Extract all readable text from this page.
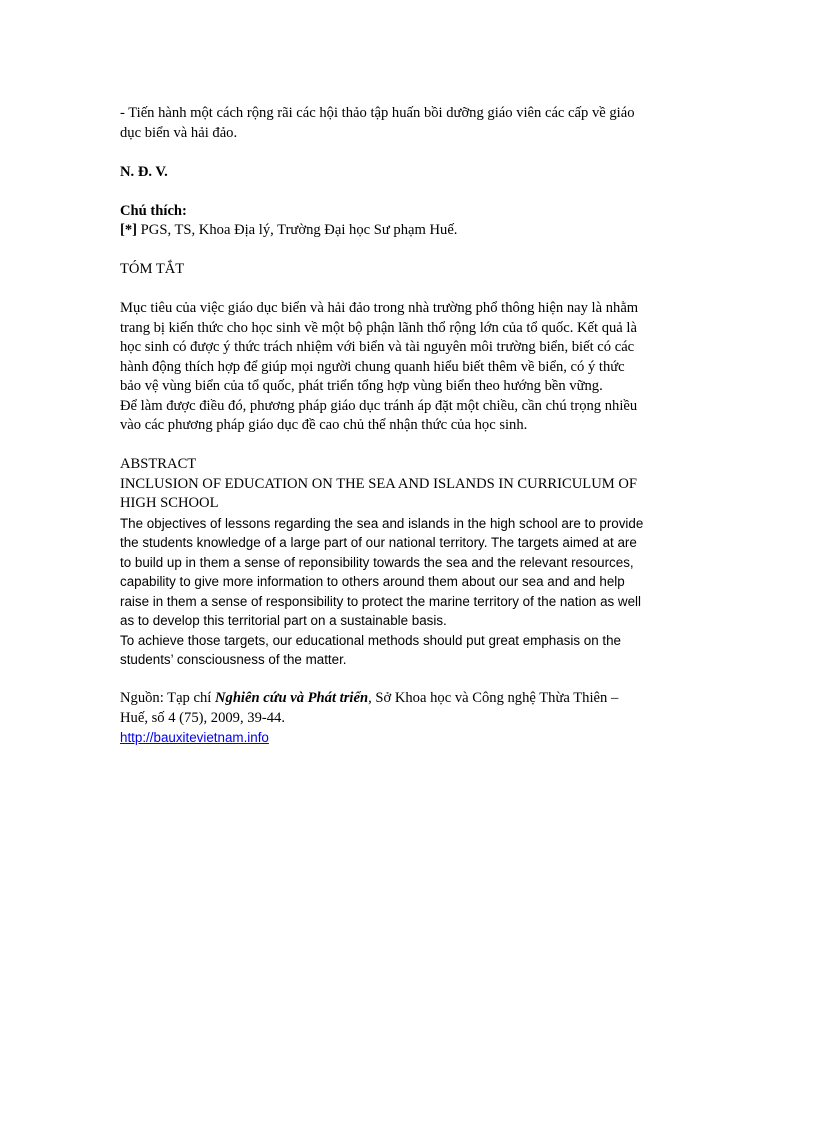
- Tiến hành một cách rộng rãi các hội thảo tập huấn bồi dưỡng giáo viên các cấp về giáo
dục biển và hải đảo.
N. Đ. V.
Chú thích:
[*] PGS, TS, Khoa Địa lý, Trường Đại học Sư phạm Huế.
TÓM TẮT
Mục tiêu của việc giáo dục biển và hải đảo trong nhà trường phổ thông hiện nay là nhằm
trang bị kiến thức cho học sinh về một bộ phận lãnh thổ rộng lớn của tổ quốc. Kết quả là
học sinh có được ý thức trách nhiệm với biển và tài nguyên môi trường biển, biết có các
hành động thích hợp để giúp mọi người chung quanh hiểu biết thêm về biển, có ý thức
bảo vệ vùng biển của tổ quốc, phát triển tổng hợp vùng biển theo hướng bền vững.
Để làm được điều đó, phương pháp giáo dục tránh áp đặt một chiều, cần chú trọng nhiều
vào các phương pháp giáo dục đề cao chủ thể nhận thức của học sinh.
ABSTRACT
INCLUSION OF EDUCATION ON THE SEA AND ISLANDS IN CURRICULUM OF
HIGH SCHOOL
The objectives of lessons regarding the sea and islands in the high school are to provide
the students knowledge of a large part of our national territory. The targets aimed at are
to build up in them a sense of reponsibility towards the sea and the relevant resources,
capability to give more information to others around them about our sea and and help
raise in them a sense of responsibility to protect the marine territory of the nation as well
as to develop this territorial part on a sustainable basis.
To achieve those targets, our educational methods should put great emphasis on the
students’ consciousness of the matter.
Nguồn: Tạp chí Nghiên cứu và Phát triển, Sở Khoa học và Công nghệ Thừa Thiên –
Huế, số 4 (75), 2009, 39-44.
http://bauxitevietnam.info
